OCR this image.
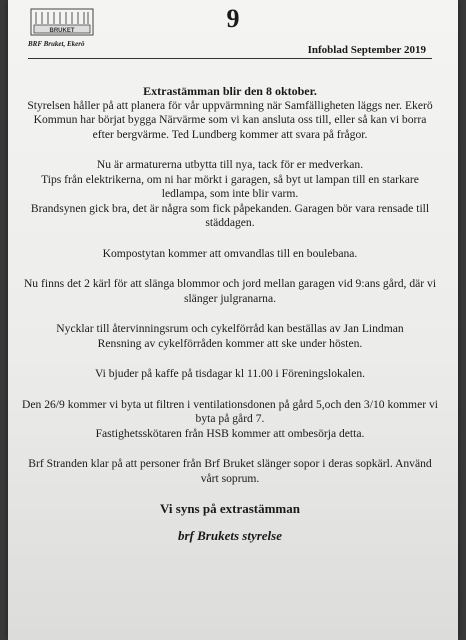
BRUKET
BRF Bruket, Ekerö
9
Infoblad September 2019
Extrastämman blir den 8 oktober.

Styrelsen håller på att planera för vår uppvärmning när Samfälligheten läggs ner. Ekerö Kommun har börjat bygga Närvärme som vi kan ansluta oss till, eller så kan vi borra efter bergvärme. Ted Lundberg kommer att svara på frågor.

Nu är armaturerna utbytta till nya, tack för er medverkan.

Tips från elektrikerna, om ni har mörkt i garagen, så byt ut lampan till en starkare ledlampa, som inte blir varm.

Brandsynen gick bra, det är några som fick påpekanden. Garagen bör vara rensade till städdagen.

Kompostytan kommer att omvandlas till en boulebana.

Nu finns det 2 kärl för att slänga blommor och jord mellan garagen vid 9:ans gård, där vi slänger julgranarna.

Nycklar till återvinningsrum och cykelförråd kan beställas av Jan Lindman

Rensning av cykelförråden kommer att ske under hösten.

Vi bjuder på kaffe på tisdagar kl 11.00 i Föreningslokalen.

Den 26/9 kommer vi byta ut filtren i ventilationsdonen på gård 5,och den 3/10 kommer vi byta på gård 7.

Fastighetsskötaren från HSB kommer att ombesörja detta.

Brf Stranden klar på att personer från Brf Bruket slänger sopor i deras sopkärl. Använd vårt soprum.

Vi syns på extrastämman
brf Brukets styrelse
